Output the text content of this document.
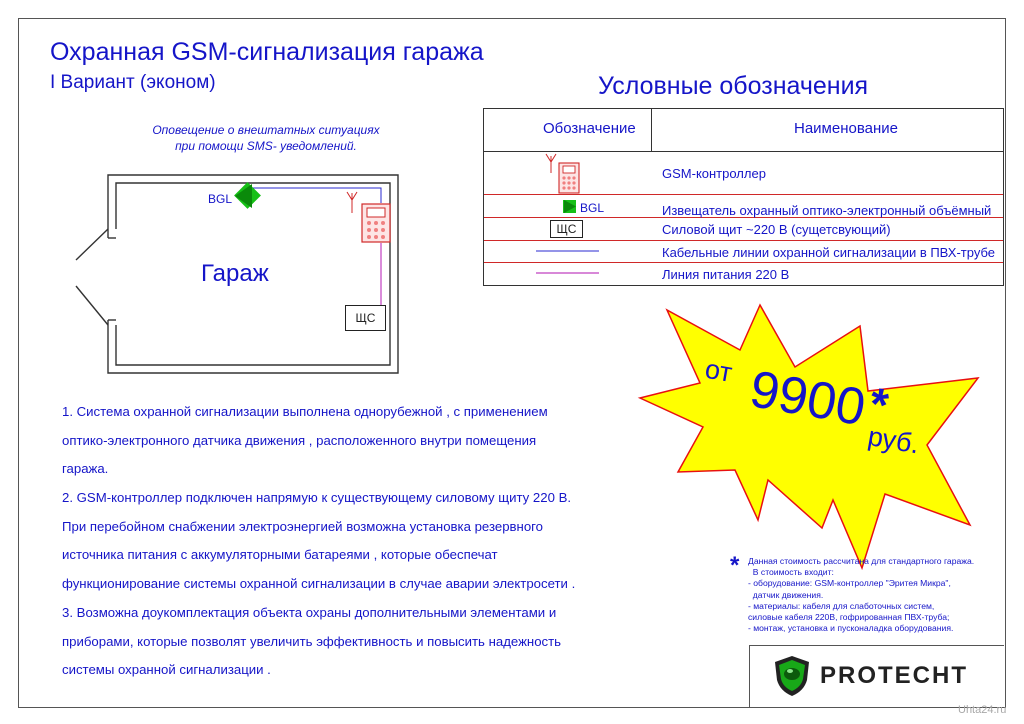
Охранная GSM-сигнализация гаража
I Вариант (эконом)
Оповещение о внештатных ситуациях
при помощи SMS- уведомлений.
BGL
Гараж
ЩС
Условные обозначения
Обозначение	Наименование
GSM-контроллер
Извещатель охранный оптико-электронный объёмный
Силовой щит ~220 В (сущетсвующий)
Кабельные линии охранной сигнализации в ПВХ-трубе
Линия питания 220 В
BGL
ЩС
от 9900
*
руб.

1. Система охранной сигнализации выполнена однорубежной , с применением

оптико-электронного датчика движения , расположенного внутри помещения

гаража.

2. GSM-контроллер подключен напрямую к существующему силовому щиту 220 В.

При перебойном снабжении электроэнергией возможна установка резервного

источника питания с аккумуляторными батареями , которые обеспечат

функционирование системы охранной сигнализации в случае аварии электросети .

3. Возможна доукомплектация объекта охраны дополнительными элементами и

приборами, которые позволят увеличить эффективность и повысить надежность

системы охранной сигнализации .

* Данная стоимость рассчитана для стандартного гаража.
В стоимость входит:
- оборудование: GSM-контроллер "Эритея Микра",
датчик движения.
- материалы: кабеля для слаботочных систем,
силовые кабеля 220В, гофрированная ПВХ-труба;
- монтаж, установка и пусконаладка оборудования.
PROTECHT
Uhta24.ru
